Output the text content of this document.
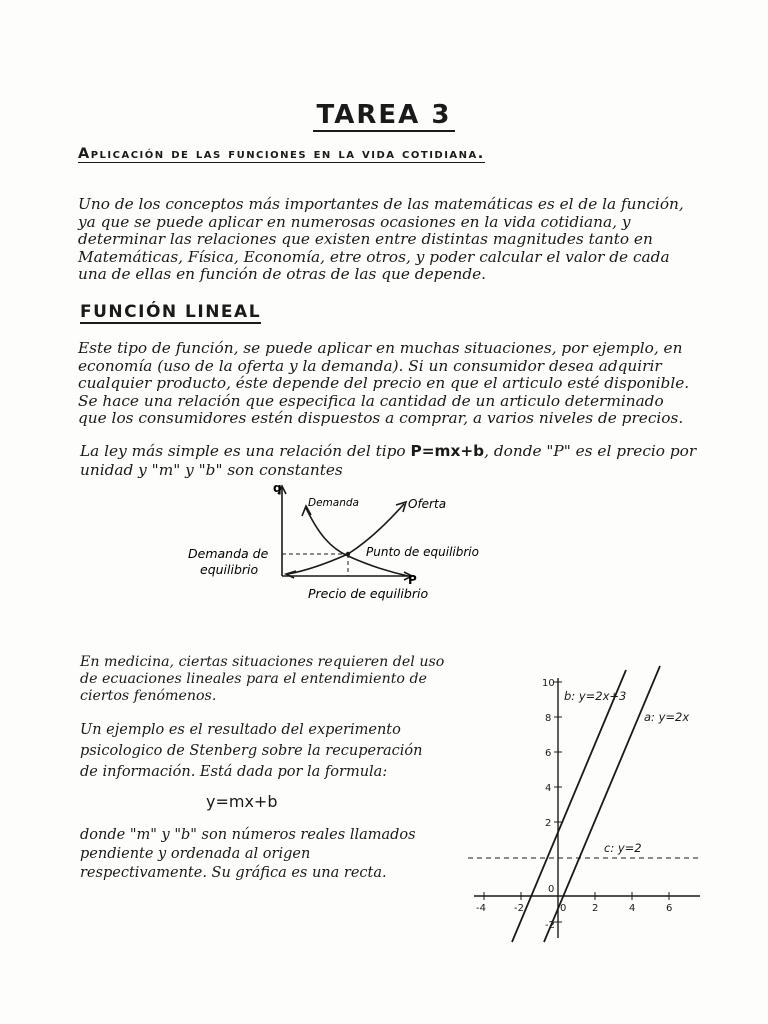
TAREA 3
Aplicación de las funciones en la vida cotidiana.
Uno de los conceptos más importantes de las matemáticas es el de la función,
ya que se puede aplicar en numerosas ocasiones en la vida cotidiana, y
determinar las relaciones que existen entre distintas magnitudes tanto en
Matemáticas, Física, Economía, etre otros, y poder calcular el valor de cada
una de ellas en función de otras de las que depende.
FUNCIÓN LINEAL
Este tipo de función, se puede aplicar en muchas situaciones, por ejemplo, en
economía (uso de la oferta y la demanda). Si un consumidor desea adquirir
cualquier producto, éste depende del precio en que el articulo esté disponible.
Se hace una relación que especifica la cantidad de un articulo determinado
que los consumidores estén dispuestos a comprar, a varios niveles de precios.
La ley más simple es una relación del tipo P=mx+b, donde "P" es el precio por
unidad y "m" y "b" son constantes
q
P
Demanda	Oferta
Punto de equilibrio
Demanda de
equilibrio
Precio de equilibrio
En medicina, ciertas situaciones requieren del uso
de ecuaciones lineales para el entendimiento de
ciertos fenómenos.
Un ejemplo es el resultado del experimento
psicologico de Stenberg sobre la recuperación
de información. Está dada por la formula:
y=mx+b
donde "m" y "b" son números reales llamados
pendiente y ordenada al origen
respectivamente. Su gráfica es una recta.
10
8
6
4
2
0
-2
-4	-2	0	2	4	6
b: y=2x+3
a: y=2x
c: y=2
